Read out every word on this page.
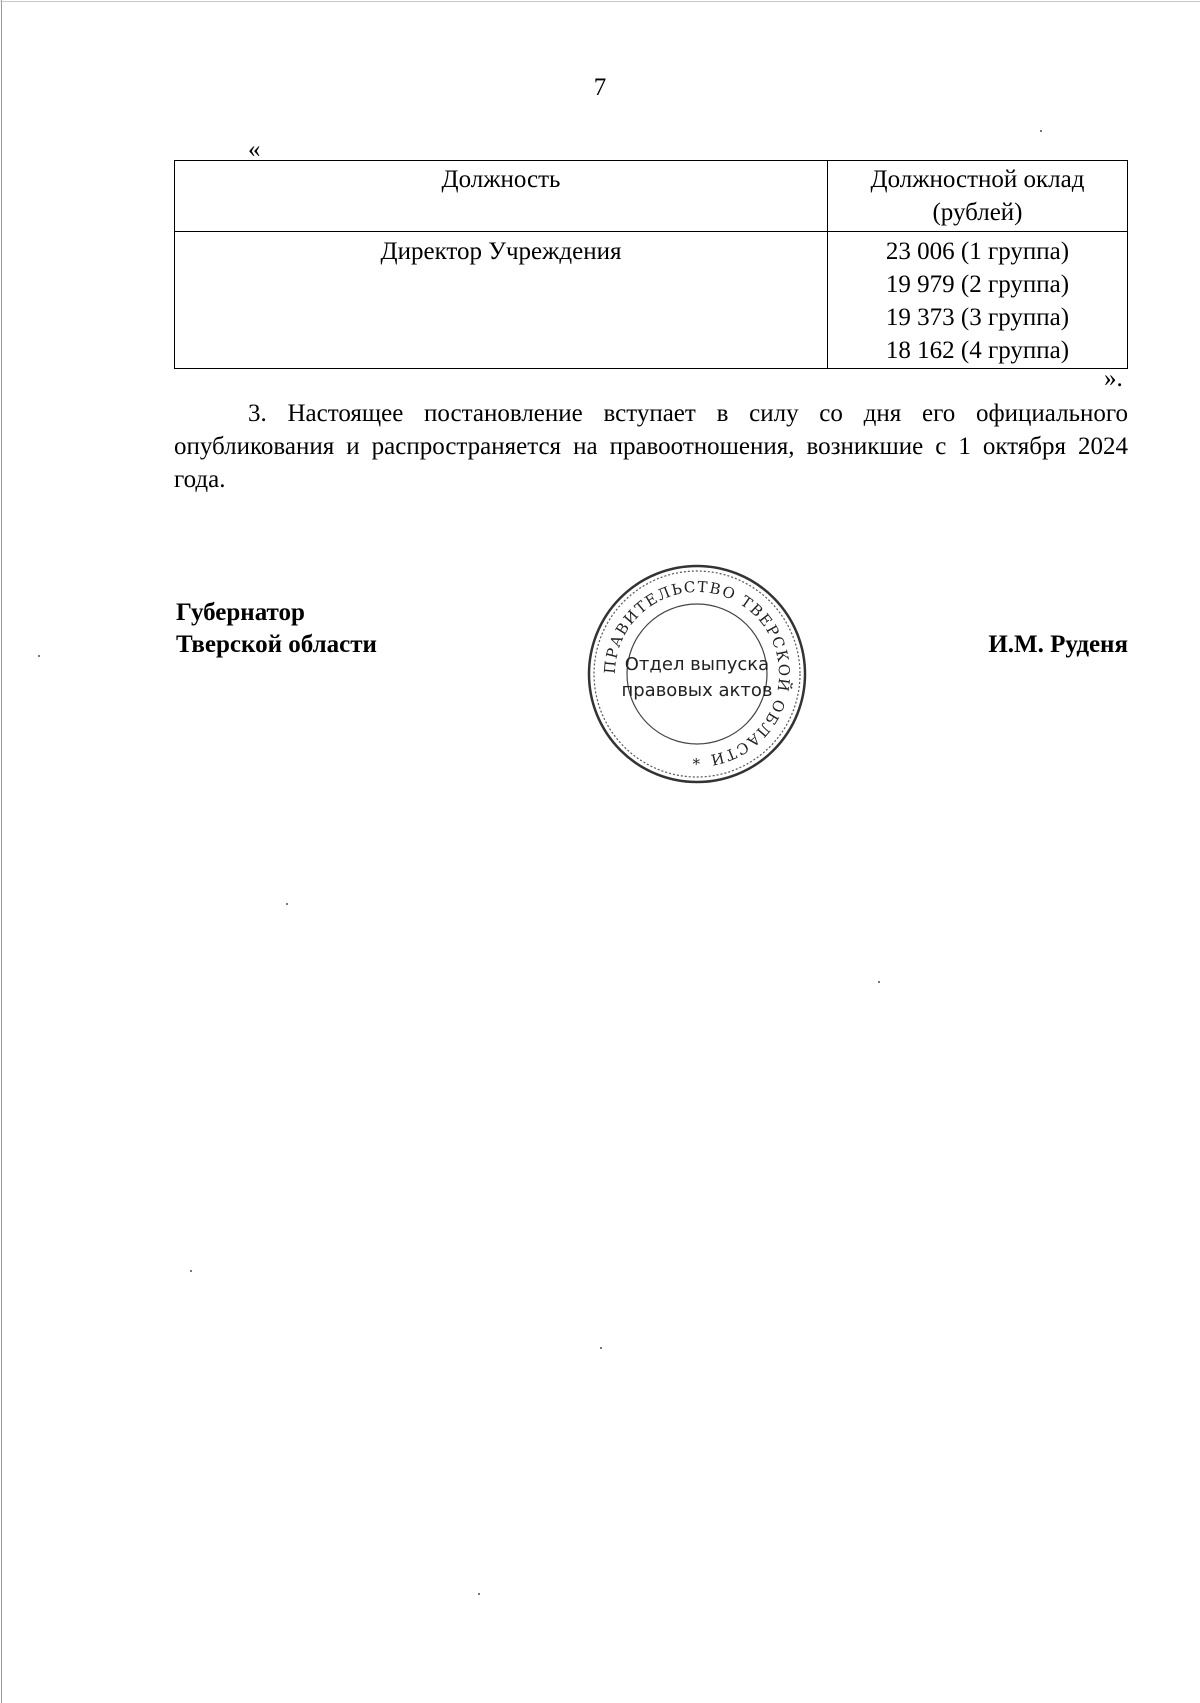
7
«
Должность	Должностной оклад (рублей)
Директор Учреждения	23 006 (1 группа)
19 979 (2 группа)
19 373 (3 группа)
18 162 (4 группа)
».

3. Настоящее постановление вступает в силу со дня его официального опубликования и распространяется на правоотношения, возникшие с 1 октября 2024 года.

Губернатор
Тверской области
ПРАВИТЕЛЬСТВО ТВЕРСКОЙ ОБЛАСТИ
Отдел выпуска
правовых актов
*
И.М. Руденя
